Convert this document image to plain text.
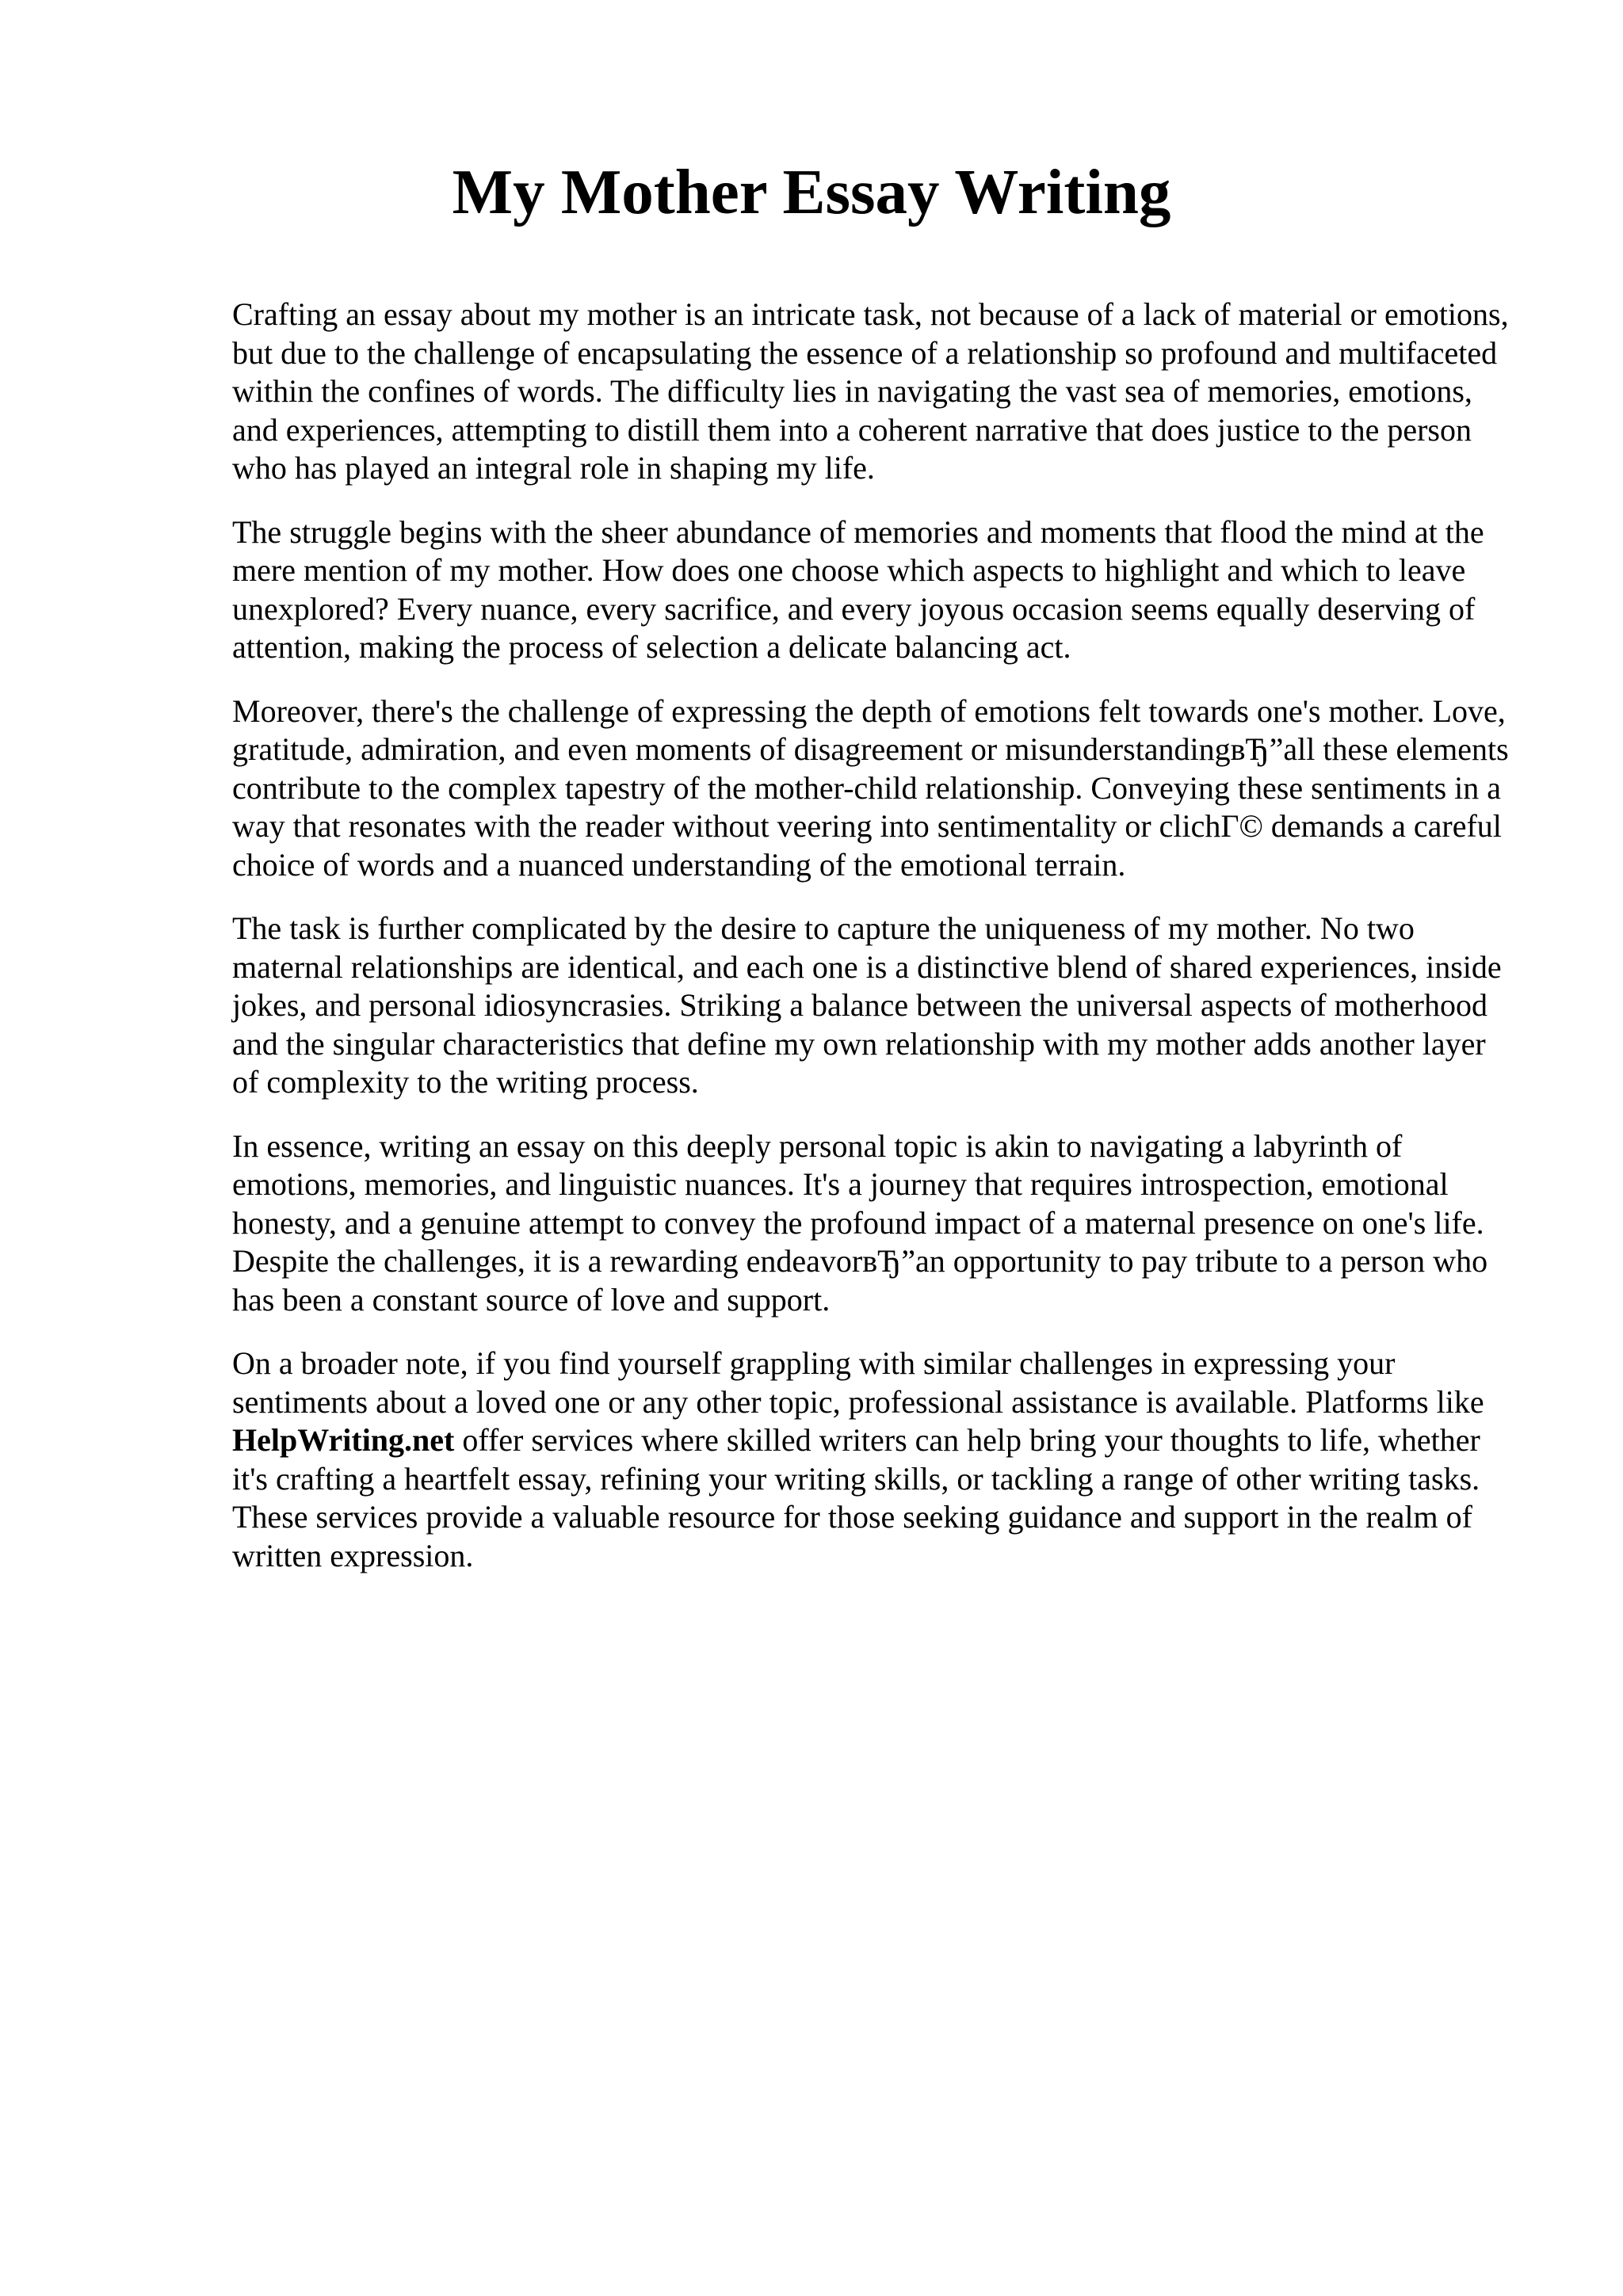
My Mother Essay Writing

Crafting an essay about my mother is an intricate task, not because of a lack of material or emotions, but due to the challenge of encapsulating the essence of a relationship so profound and multifaceted within the confines of words. The difficulty lies in navigating the vast sea of memories, emotions, and experiences, attempting to distill them into a coherent narrative that does justice to the person who has played an integral role in shaping my life.

The struggle begins with the sheer abundance of memories and moments that flood the mind at the mere mention of my mother. How does one choose which aspects to highlight and which to leave unexplored? Every nuance, every sacrifice, and every joyous occasion seems equally deserving of attention, making the process of selection a delicate balancing act.

Moreover, there's the challenge of expressing the depth of emotions felt towards one's mother. Love, gratitude, admiration, and even moments of disagreement or misunderstandingвЂ”all these elements contribute to the complex tapestry of the mother-child relationship. Conveying these sentiments in a way that resonates with the reader without veering into sentimentality or clichГ© demands a careful choice of words and a nuanced understanding of the emotional terrain.

The task is further complicated by the desire to capture the uniqueness of my mother. No two maternal relationships are identical, and each one is a distinctive blend of shared experiences, inside jokes, and personal idiosyncrasies. Striking a balance between the universal aspects of motherhood and the singular characteristics that define my own relationship with my mother adds another layer of complexity to the writing process.

In essence, writing an essay on this deeply personal topic is akin to navigating a labyrinth of emotions, memories, and linguistic nuances. It's a journey that requires introspection, emotional honesty, and a genuine attempt to convey the profound impact of a maternal presence on one's life. Despite the challenges, it is a rewarding endeavorвЂ”an opportunity to pay tribute to a person who has been a constant source of love and support.

On a broader note, if you find yourself grappling with similar challenges in expressing your sentiments about a loved one or any other topic, professional assistance is available. Platforms like HelpWriting.net offer services where skilled writers can help bring your thoughts to life, whether it's crafting a heartfelt essay, refining your writing skills, or tackling a range of other writing tasks. These services provide a valuable resource for those seeking guidance and support in the realm of written expression.
